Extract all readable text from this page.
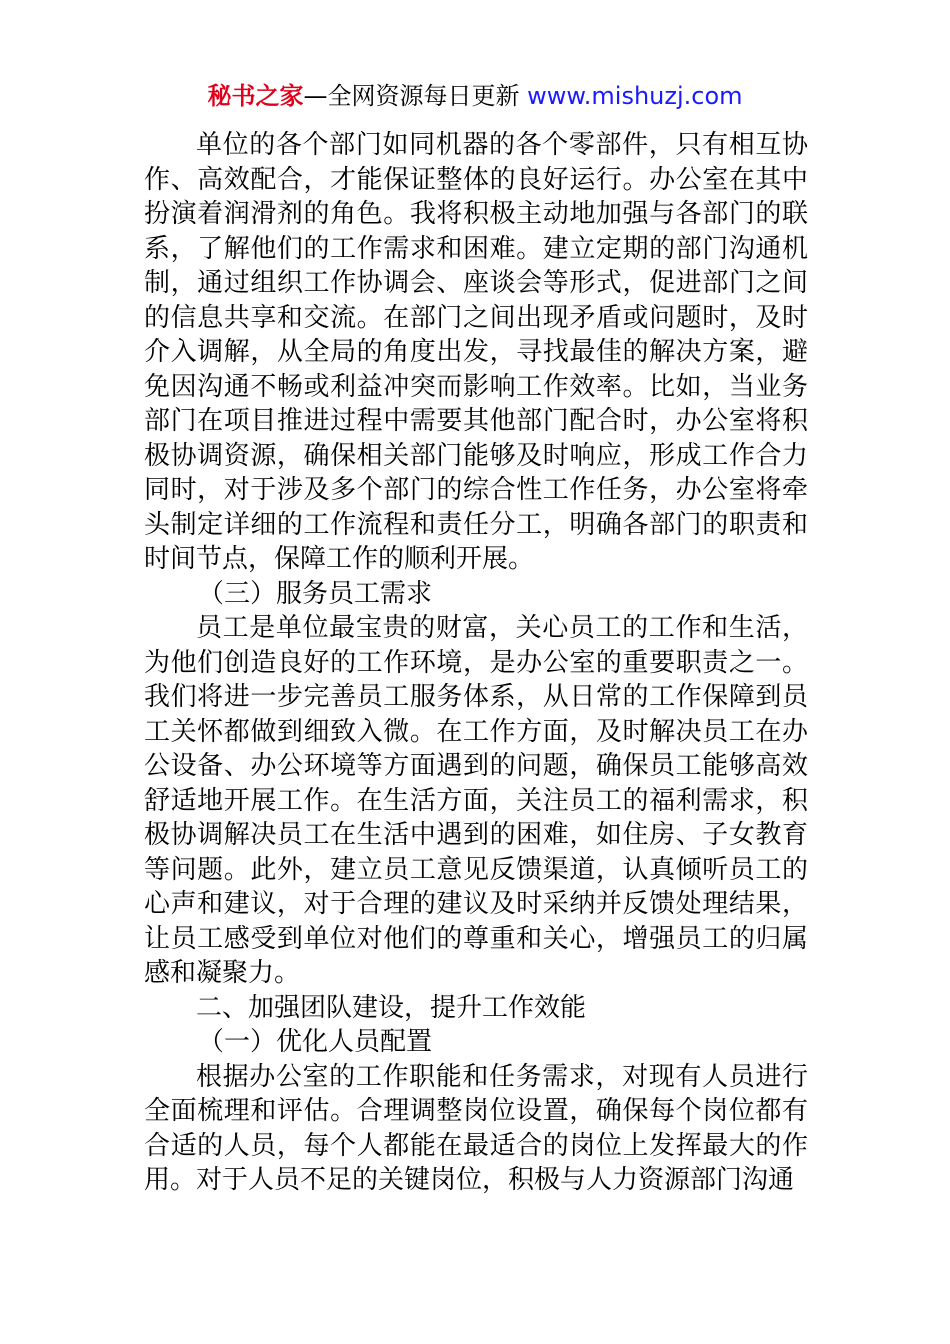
秘书之家—全网资源每日更新 www.mishuzj.com

单位的各个部门如同机器的各个零部件，只有相互协作、高效配合，才能保证整体的良好运行。办公室在其中扮演着润滑剂的角色。我将积极主动地加强与各部门的联系，了解他们的工作需求和困难。建立定期的部门沟通机制，通过组织工作协调会、座谈会等形式，促进部门之间的信息共享和交流。在部门之间出现矛盾或问题时，及时介入调解，从全局的角度出发，寻找最佳的解决方案，避免因沟通不畅或利益冲突而影响工作效率。比如，当业务部门在项目推进过程中需要其他部门配合时，办公室将积极协调资源，确保相关部门能够及时响应，形成工作合力同时，对于涉及多个部门的综合性工作任务，办公室将牵头制定详细的工作流程和责任分工，明确各部门的职责和时间节点，保障工作的顺利开展。

（三）服务员工需求

员工是单位最宝贵的财富，关心员工的工作和生活，为他们创造良好的工作环境，是办公室的重要职责之一。我们将进一步完善员工服务体系，从日常的工作保障到员工关怀都做到细致入微。在工作方面，及时解决员工在办公设备、办公环境等方面遇到的问题，确保员工能够高效舒适地开展工作。在生活方面，关注员工的福利需求，积极协调解决员工在生活中遇到的困难，如住房、子女教育等问题。此外，建立员工意见反馈渠道，认真倾听员工的心声和建议，对于合理的建议及时采纳并反馈处理结果，让员工感受到单位对他们的尊重和关心，增强员工的归属感和凝聚力。

二、加强团队建设，提升工作效能

（一）优化人员配置

根据办公室的工作职能和任务需求，对现有人员进行全面梳理和评估。合理调整岗位设置，确保每个岗位都有合适的人员，每个人都能在最适合的岗位上发挥最大的作用。对于人员不足的关键岗位，积极与人力资源部门沟通
